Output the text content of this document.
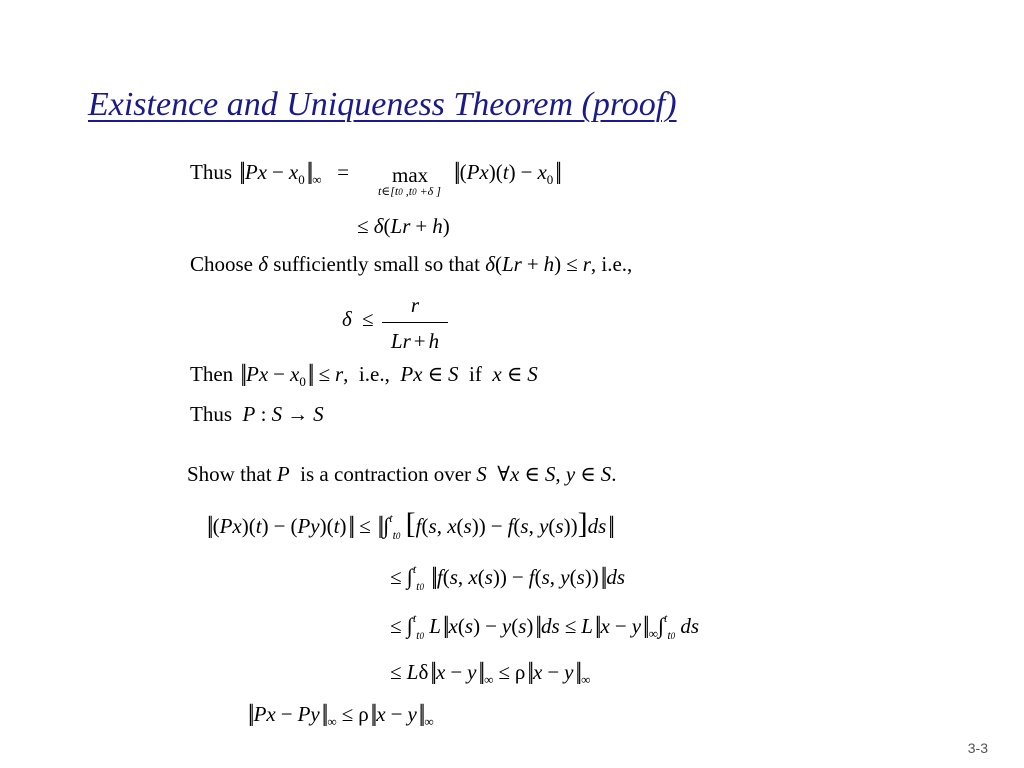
Existence and Uniqueness Theorem (proof)
Thus $||Px - x_0||$ $_\infty$  = max
t∈[t0 ,t0 +δ ]
$||(Px)(t) - x_0||$
≤ δ(Lr + h)
Choose δ sufficiently small so that δ(Lr + h) ≤ r, i.e.,
δ ≤
r
Lr + h
Then $||Px - x_0|| \le r$,  i.e., Px ∈ S if x ∈ S
Thus P : S → S
Show that P is a contraction over S  ∀x ∈ S, y ∈ S.
||(Px)(t) − (Py)(t)|| ≤ ||∫$^t_{t0}$ [f(s, x(s)) − f(s, y(s))]ds||
≤ ∫$^t_{t0}$ ||f(s, x(s)) − f(s, y(s))||ds
≤ ∫$^t_{t0}$ L||x(s) − y(s)||ds ≤ L||x − y|| $_\infty$∫$^t_{t0}$ ds
≤ Lδ||x − y|| $_\infty$ ≤ ρ||x − y|| $_\infty$
||Px − Py|| $_\infty$ ≤ ρ||x − y|| $_\infty$
3-3
